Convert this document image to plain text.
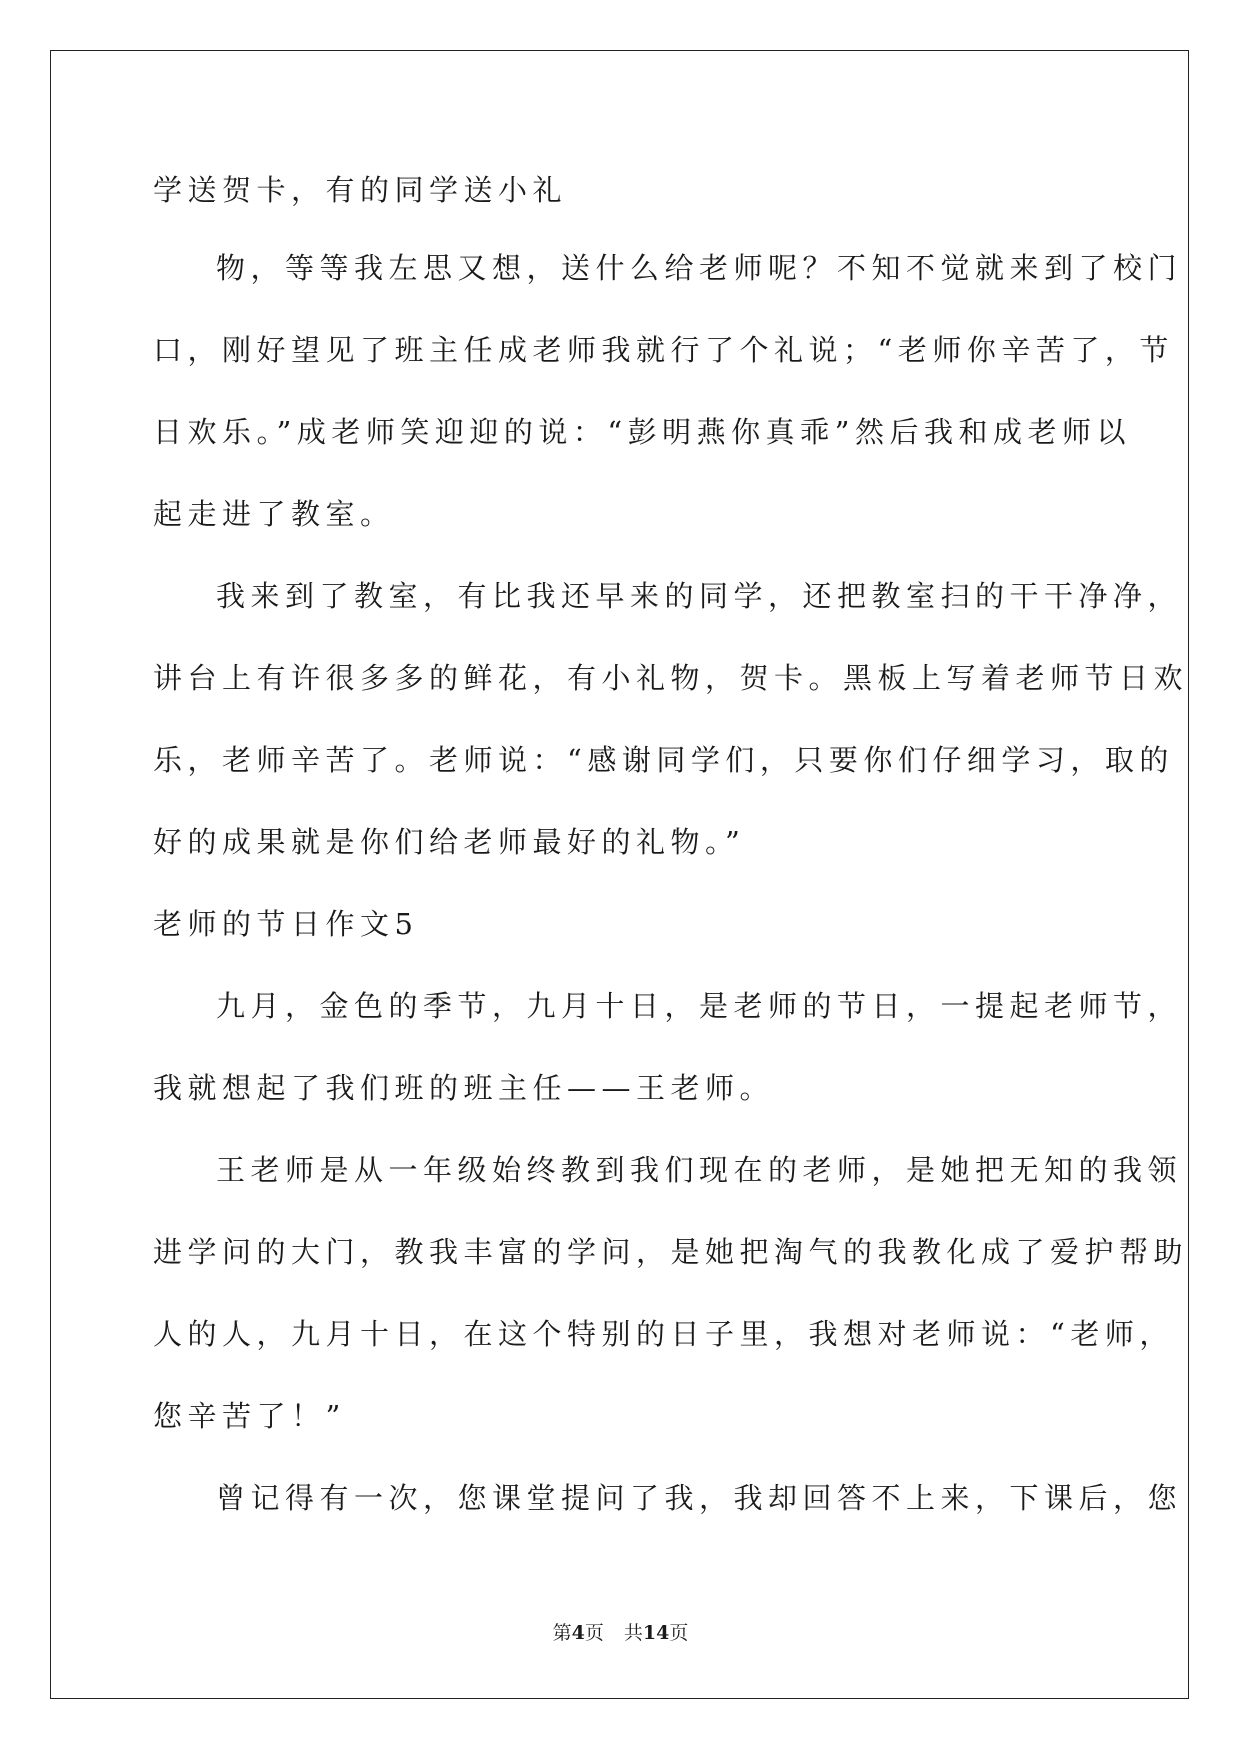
学送贺卡，有的同学送小礼
物，等等我左思又想，送什么给老师呢？不知不觉就来到了校门
口，刚好望见了班主任成老师我就行了个礼说；“老师你辛苦了，节
日欢乐。”成老师笑迎迎的说：“彭明燕你真乖”然后我和成老师以
起走进了教室。
我来到了教室，有比我还早来的同学，还把教室扫的干干净净，
讲台上有许很多多的鲜花，有小礼物，贺卡。黑板上写着老师节日欢
乐，老师辛苦了。老师说：“感谢同学们，只要你们仔细学习，取的
好的成果就是你们给老师最好的礼物。”
老师的节日作文5
九月，金色的季节，九月十日，是老师的节日，一提起老师节，
我就想起了我们班的班主任——王老师。
王老师是从一年级始终教到我们现在的老师，是她把无知的我领
进学问的大门，教我丰富的学问，是她把淘气的我教化成了爱护帮助
人的人，九月十日，在这个特别的日子里，我想对老师说：“老师，
您辛苦了！”
曾记得有一次，您课堂提问了我，我却回答不上来，下课后，您
第4页 共14页
